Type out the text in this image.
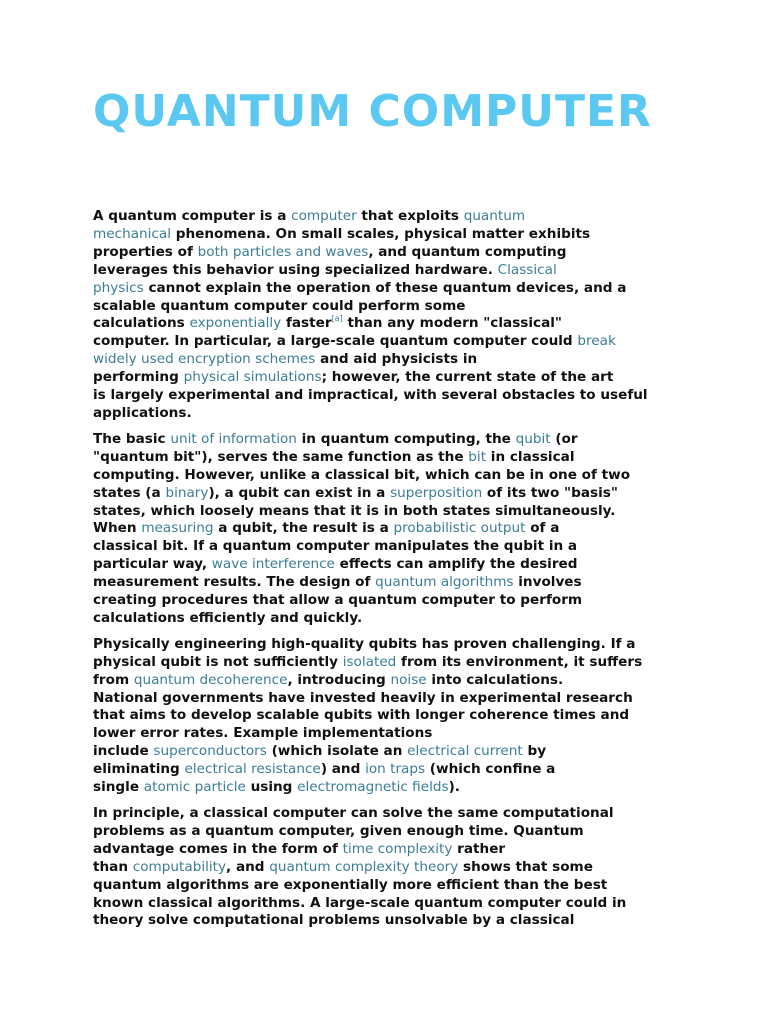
QUANTUM COMPUTER

A quantum computer is a computer that exploits quantum
mechanical phenomena. On small scales, physical matter exhibits
properties of both particles and waves, and quantum computing
leverages this behavior using specialized hardware. Classical
physics cannot explain the operation of these quantum devices, and a
scalable quantum computer could perform some
calculations exponentially faster[a] than any modern "classical"
computer. In particular, a large-scale quantum computer could break
widely used encryption schemes and aid physicists in
performing physical simulations; however, the current state of the art
is largely experimental and impractical, with several obstacles to useful
applications.

The basic unit of information in quantum computing, the qubit (or
"quantum bit"), serves the same function as the bit in classical
computing. However, unlike a classical bit, which can be in one of two
states (a binary), a qubit can exist in a superposition of its two "basis"
states, which loosely means that it is in both states simultaneously.
When measuring a qubit, the result is a probabilistic output of a
classical bit. If a quantum computer manipulates the qubit in a
particular way, wave interference effects can amplify the desired
measurement results. The design of quantum algorithms involves
creating procedures that allow a quantum computer to perform
calculations efficiently and quickly.

Physically engineering high-quality qubits has proven challenging. If a
physical qubit is not sufficiently isolated from its environment, it suffers
from quantum decoherence, introducing noise into calculations.
National governments have invested heavily in experimental research
that aims to develop scalable qubits with longer coherence times and
lower error rates. Example implementations
include superconductors (which isolate an electrical current by
eliminating electrical resistance) and ion traps (which confine a
single atomic particle using electromagnetic fields).

In principle, a classical computer can solve the same computational
problems as a quantum computer, given enough time. Quantum
advantage comes in the form of time complexity rather
than computability, and quantum complexity theory shows that some
quantum algorithms are exponentially more efficient than the best
known classical algorithms. A large-scale quantum computer could in
theory solve computational problems unsolvable by a classical
